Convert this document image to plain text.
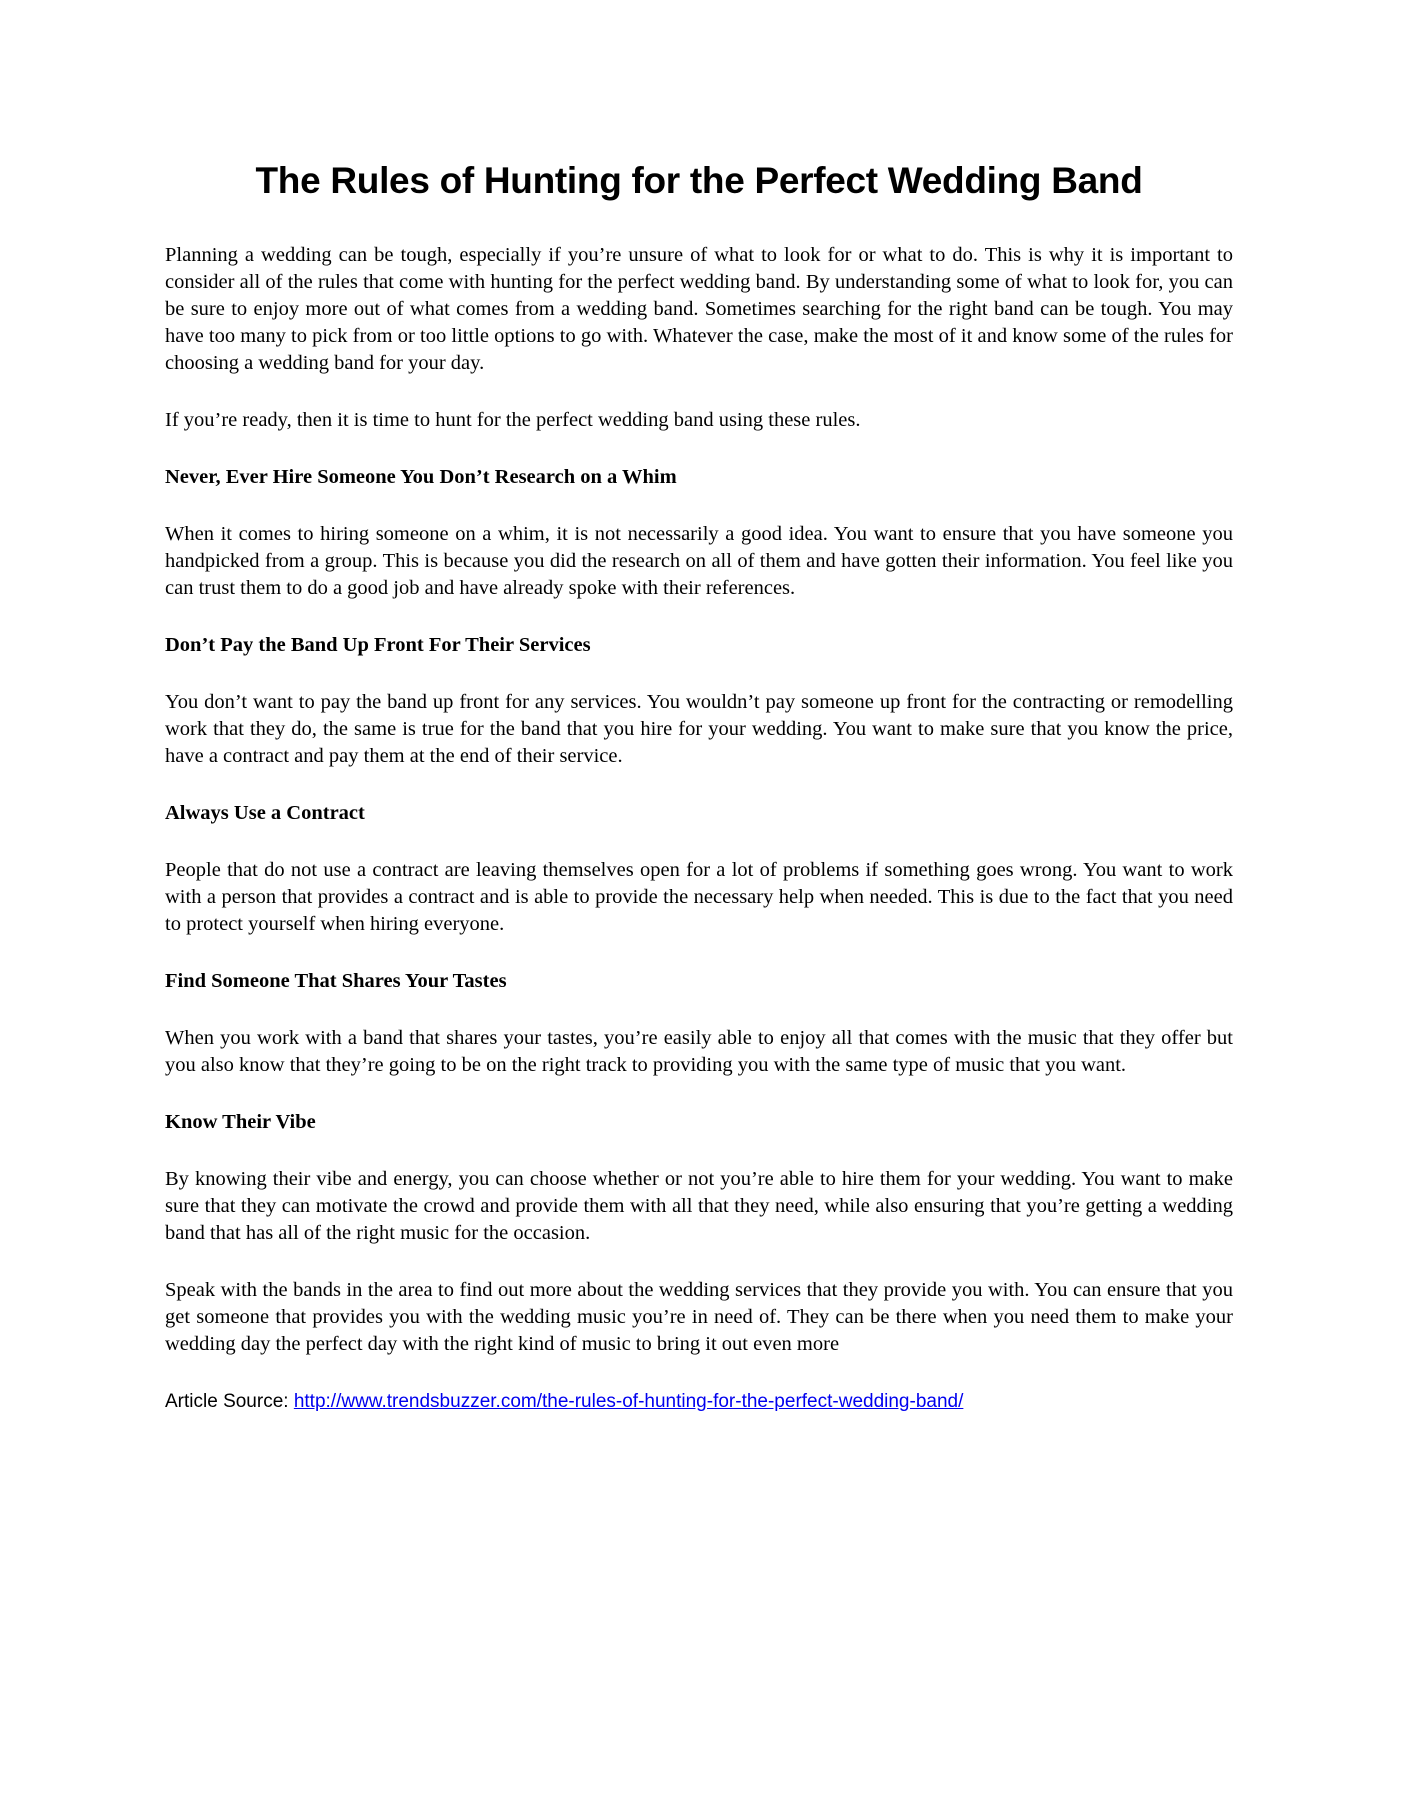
The Rules of Hunting for the Perfect Wedding Band

Planning a wedding can be tough, especially if you’re unsure of what to look for or what to do. This is why it is important to consider all of the rules that come with hunting for the perfect wedding band. By understanding some of what to look for, you can be sure to enjoy more out of what comes from a wedding band. Sometimes searching for the right band can be tough. You may have too many to pick from or too little options to go with. Whatever the case, make the most of it and know some of the rules for choosing a wedding band for your day.

If you’re ready, then it is time to hunt for the perfect wedding band using these rules.

Never, Ever Hire Someone You Don’t Research on a Whim

When it comes to hiring someone on a whim, it is not necessarily a good idea. You want to ensure that you have someone you handpicked from a group. This is because you did the research on all of them and have gotten their information. You feel like you can trust them to do a good job and have already spoke with their references.

Don’t Pay the Band Up Front For Their Services

You don’t want to pay the band up front for any services. You wouldn’t pay someone up front for the contracting or remodelling work that they do, the same is true for the band that you hire for your wedding. You want to make sure that you know the price, have a contract and pay them at the end of their service.

Always Use a Contract

People that do not use a contract are leaving themselves open for a lot of problems if something goes wrong. You want to work with a person that provides a contract and is able to provide the necessary help when needed. This is due to the fact that you need to protect yourself when hiring everyone.

Find Someone That Shares Your Tastes

When you work with a band that shares your tastes, you’re easily able to enjoy all that comes with the music that they offer but you also know that they’re going to be on the right track to providing you with the same type of music that you want.

Know Their Vibe

By knowing their vibe and energy, you can choose whether or not you’re able to hire them for your wedding. You want to make sure that they can motivate the crowd and provide them with all that they need, while also ensuring that you’re getting a wedding band that has all of the right music for the occasion.

Speak with the bands in the area to find out more about the wedding services that they provide you with. You can ensure that you get someone that provides you with the wedding music you’re in need of. They can be there when you need them to make your wedding day the perfect day with the right kind of music to bring it out even more

Article Source: http://www.trendsbuzzer.com/the-rules-of-hunting-for-the-perfect-wedding-band/
